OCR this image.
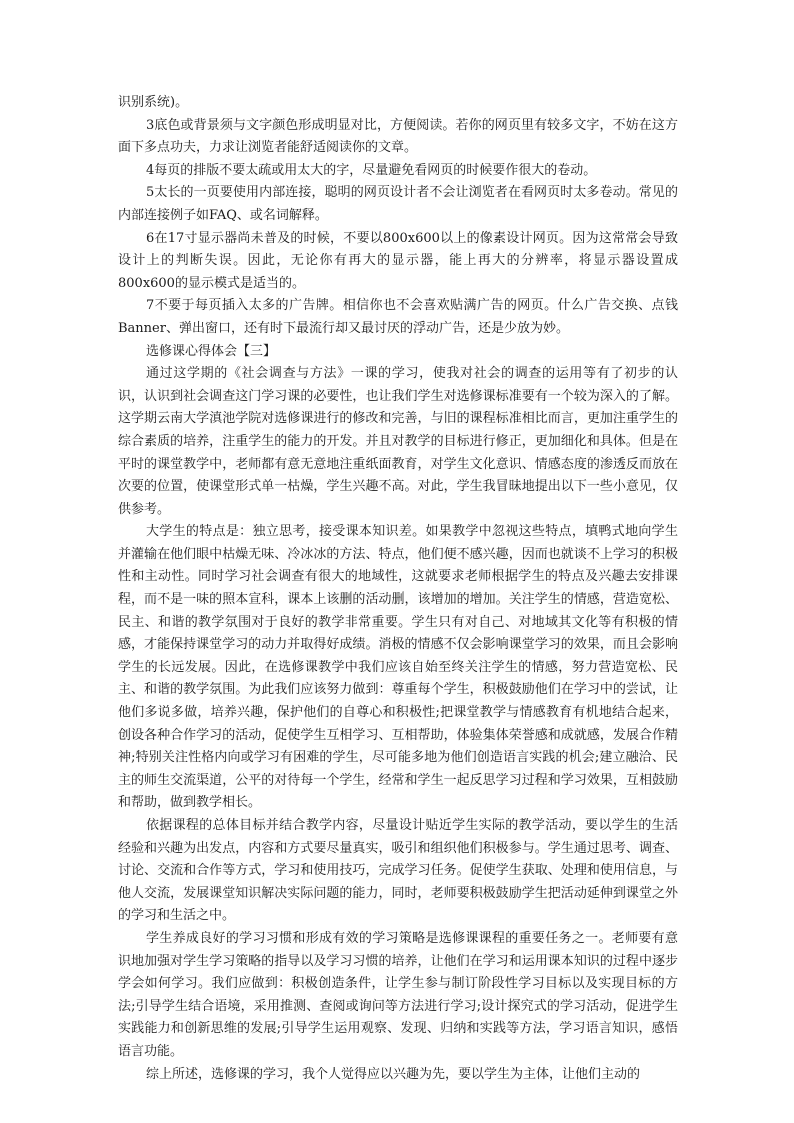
识别系统)。

3底色或背景须与文字颜色形成明显对比，方便阅读。若你的网页里有较多文字，不妨在这方面下多点功夫，力求让浏览者能舒适阅读你的文章。

4每页的排版不要太疏或用太大的字，尽量避免看网页的时候要作很大的卷动。

5太长的一页要使用内部连接，聪明的网页设计者不会让浏览者在看网页时太多卷动。常见的内部连接例子如FAQ、或名词解释。

6在17寸显示器尚未普及的时候，不要以800x600以上的像素设计网页。因为这常常会导致设计上的判断失误。因此，无论你有再大的显示器，能上再大的分辨率，将显示器设置成800x600的显示模式是适当的。

7不要于每页插入太多的广告牌。相信你也不会喜欢贴满广告的网页。什么广告交换、点钱Banner、弹出窗口，还有时下最流行却又最讨厌的浮动广告，还是少放为妙。

选修课心得体会【三】

通过这学期的《社会调查与方法》一课的学习，使我对社会的调查的运用等有了初步的认识，认识到社会调查这门学习课的必要性，也让我们学生对选修课标准要有一个较为深入的了解。这学期云南大学滇池学院对选修课进行的修改和完善，与旧的课程标准相比而言，更加注重学生的综合素质的培养，注重学生的能力的开发。并且对教学的目标进行修正，更加细化和具体。但是在平时的课堂教学中，老师都有意无意地注重纸面教育，对学生文化意识、情感态度的渗透反而放在次要的位置，使课堂形式单一枯燥，学生兴趣不高。对此，学生我冒昧地提出以下一些小意见，仅供参考。

大学生的特点是：独立思考，接受课本知识差。如果教学中忽视这些特点，填鸭式地向学生并灌输在他们眼中枯燥无味、冷冰冰的方法、特点，他们便不感兴趣，因而也就谈不上学习的积极性和主动性。同时学习社会调查有很大的地域性，这就要求老师根据学生的特点及兴趣去安排课程，而不是一味的照本宣科，课本上该删的活动删，该增加的增加。关注学生的情感，营造宽松、民主、和谐的教学氛围对于良好的教学非常重要。学生只有对自己、对地域其文化等有积极的情感，才能保持课堂学习的动力并取得好成绩。消极的情感不仅会影响课堂学习的效果，而且会影响学生的长远发展。因此，在选修课教学中我们应该自始至终关注学生的情感，努力营造宽松、民主、和谐的教学氛围。为此我们应该努力做到：尊重每个学生，积极鼓励他们在学习中的尝试，让他们多说多做，培养兴趣，保护他们的自尊心和积极性;把课堂教学与情感教育有机地结合起来，创设各种合作学习的活动，促使学生互相学习、互相帮助，体验集体荣誉感和成就感，发展合作精神;特别关注性格内向或学习有困难的学生，尽可能多地为他们创造语言实践的机会;建立融洽、民主的师生交流渠道，公平的对待每一个学生，经常和学生一起反思学习过程和学习效果，互相鼓励和帮助，做到教学相长。

依据课程的总体目标并结合教学内容，尽量设计贴近学生实际的教学活动，要以学生的生活经验和兴趣为出发点，内容和方式要尽量真实，吸引和组织他们积极参与。学生通过思考、调查、讨论、交流和合作等方式，学习和使用技巧，完成学习任务。促使学生获取、处理和使用信息，与他人交流，发展课堂知识解决实际问题的能力，同时，老师要积极鼓励学生把活动延伸到课堂之外的学习和生活之中。

学生养成良好的学习习惯和形成有效的学习策略是选修课课程的重要任务之一。老师要有意识地加强对学生学习策略的指导以及学习习惯的培养，让他们在学习和运用课本知识的过程中逐步学会如何学习。我们应做到：积极创造条件，让学生参与制订阶段性学习目标以及实现目标的方法;引导学生结合语境，采用推测、查阅或询问等方法进行学习;设计探究式的学习活动，促进学生实践能力和创新思维的发展;引导学生运用观察、发现、归纳和实践等方法，学习语言知识，感悟语言功能。

综上所述，选修课的学习，我个人觉得应以兴趣为先，要以学生为主体，让他们主动的
